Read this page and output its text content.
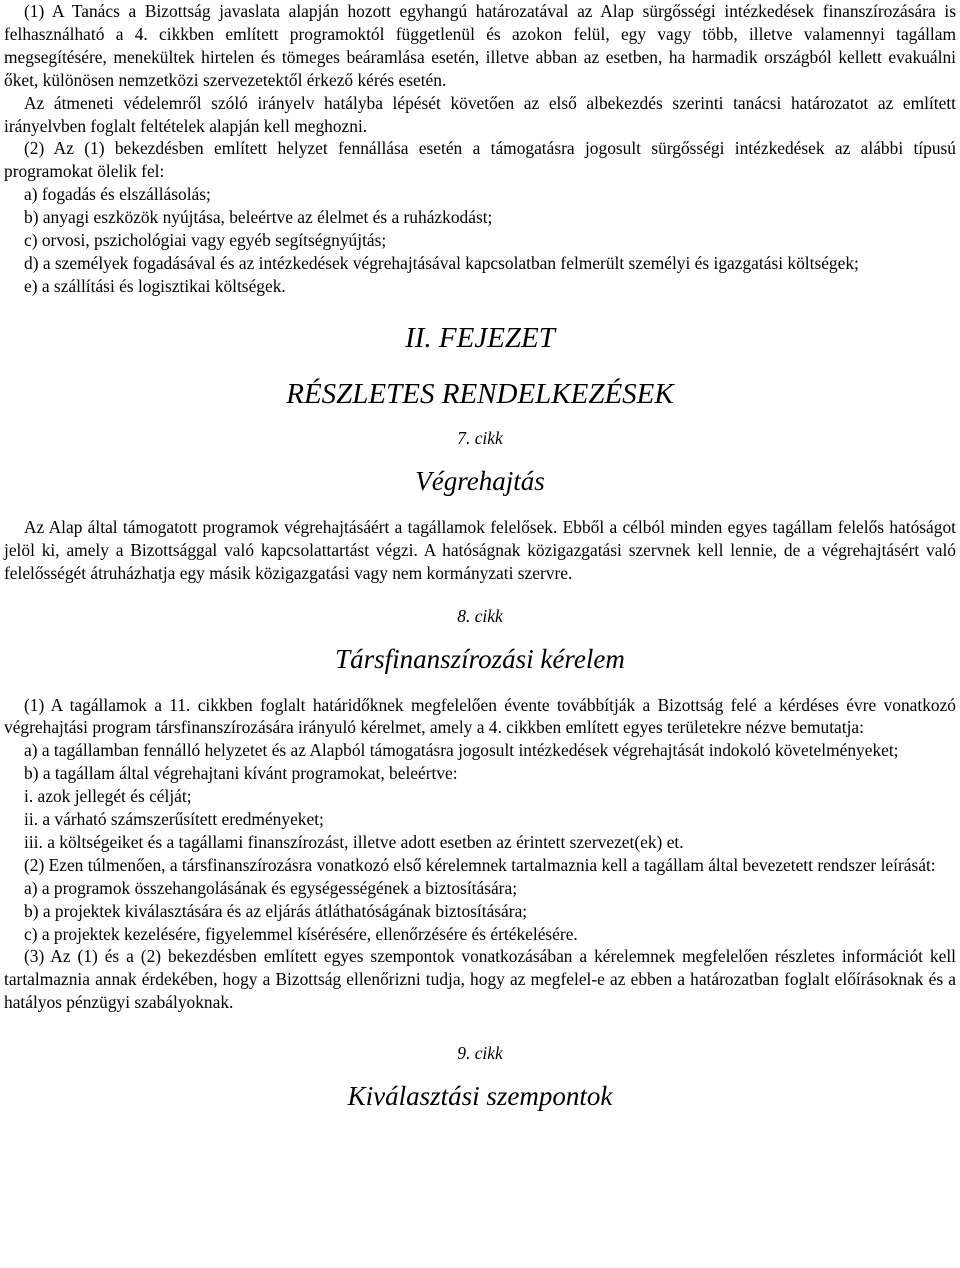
(1) A Tanács a Bizottság javaslata alapján hozott egyhangú határozatával az Alap sürgősségi intézkedések finanszírozására is felhasználható a 4. cikkben említett programoktól függetlenül és azokon felül, egy vagy több, illetve valamennyi tagállam megsegítésére, menekültek hirtelen és tömeges beáramlása esetén, illetve abban az esetben, ha harmadik országból kellett evakuálni őket, különösen nemzetközi szervezetektől érkező kérés esetén.

Az átmeneti védelemről szóló irányelv hatályba lépését követően az első albekezdés szerinti tanácsi határozatot az említett irányelvben foglalt feltételek alapján kell meghozni.

(2) Az (1) bekezdésben említett helyzet fennállása esetén a támogatásra jogosult sürgősségi intézkedések az alábbi típusú programokat ölelik fel:

a) fogadás és elszállásolás;

b) anyagi eszközök nyújtása, beleértve az élelmet és a ruházkodást;

c) orvosi, pszichológiai vagy egyéb segítségnyújtás;

d) a személyek fogadásával és az intézkedések végrehajtásával kapcsolatban felmerült személyi és igazgatási költségek;

e) a szállítási és logisztikai költségek.

II. FEJEZET

RÉSZLETES RENDELKEZÉSEK

7. cikk

Végrehajtás

Az Alap által támogatott programok végrehajtásáért a tagállamok felelősek. Ebből a célból minden egyes tagállam felelős hatóságot jelöl ki, amely a Bizottsággal való kapcsolattartást végzi. A hatóságnak közigazgatási szervnek kell lennie, de a végrehajtásért való felelősségét átruházhatja egy másik közigazgatási vagy nem kormányzati szervre.

8. cikk

Társfinanszírozási kérelem

(1) A tagállamok a 11. cikkben foglalt határidőknek megfelelően évente továbbítják a Bizottság felé a kérdéses évre vonatkozó végrehajtási program társfinanszírozására irányuló kérelmet, amely a 4. cikkben említett egyes területekre nézve bemutatja:

a) a tagállamban fennálló helyzetet és az Alapból támogatásra jogosult intézkedések végrehajtását indokoló követelményeket;

b) a tagállam által végrehajtani kívánt programokat, beleértve:

i. azok jellegét és célját;

ii. a várható számszerűsített eredményeket;

iii. a költségeiket és a tagállami finanszírozást, illetve adott esetben az érintett szervezet(ek) et.

(2) Ezen túlmenően, a társfinanszírozásra vonatkozó első kérelemnek tartalmaznia kell a tagállam által bevezetett rendszer leírását:

a) a programok összehangolásának és egységességének a biztosítására;

b) a projektek kiválasztására és az eljárás átláthatóságának biztosítására;

c) a projektek kezelésére, figyelemmel kísérésére, ellenőrzésére és értékelésére.

(3) Az (1) és a (2) bekezdésben említett egyes szempontok vonatkozásában a kérelemnek megfelelően részletes információt kell tartalmaznia annak érdekében, hogy a Bizottság ellenőrizni tudja, hogy az megfelel-e az ebben a határozatban foglalt előírásoknak és a hatályos pénzügyi szabályoknak.

9. cikk

Kiválasztási szempontok
